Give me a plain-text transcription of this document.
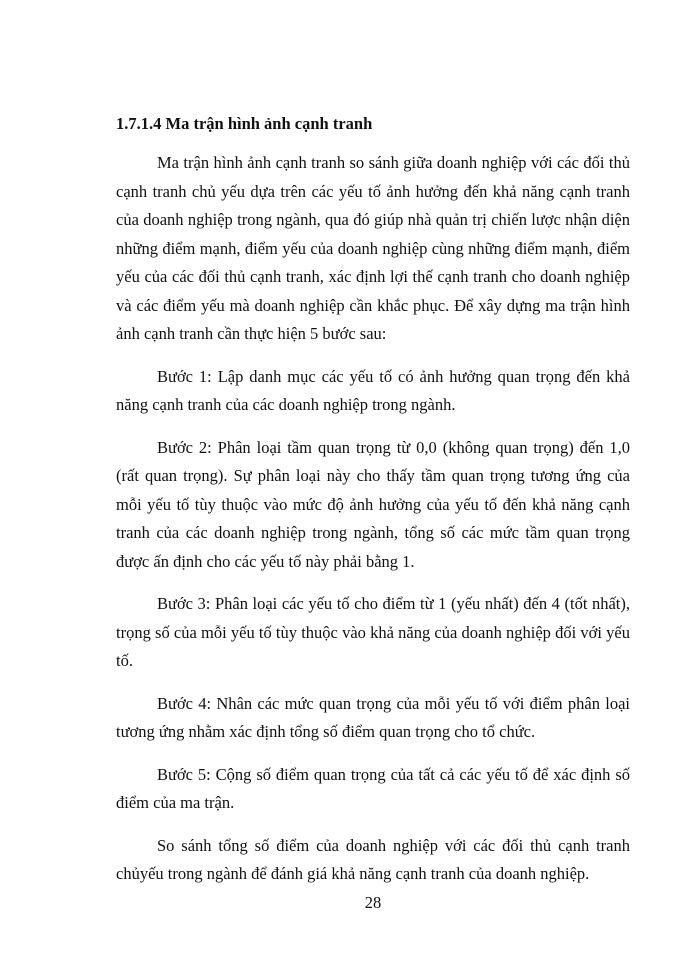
1.7.1.4 Ma trận hình ảnh cạnh tranh

Ma trận hình ảnh cạnh tranh so sánh giữa doanh nghiệp với các đối thủ cạnh tranh chủ yếu dựa trên các yếu tố ảnh hưởng đến khả năng cạnh tranh của doanh nghiệp trong ngành, qua đó giúp nhà quản trị chiến lược nhận diện những điểm mạnh, điểm yếu của doanh nghiệp cùng những điểm mạnh, điểm yếu của các đối thủ cạnh tranh, xác định lợi thế cạnh tranh cho doanh nghiệp và các điểm yếu mà doanh nghiệp cần khắc phục. Để xây dựng ma trận hình ảnh cạnh tranh cần thực hiện 5 bước sau:

Bước 1: Lập danh mục các yếu tố có ảnh hưởng quan trọng đến khả năng cạnh tranh của các doanh nghiệp trong ngành.

Bước 2: Phân loại tầm quan trọng từ 0,0 (không quan trọng) đến 1,0 (rất quan trọng). Sự phân loại này cho thấy tầm quan trọng tương ứng của mỗi yếu tố tùy thuộc vào mức độ ảnh hưởng của yếu tố đến khả năng cạnh tranh của các doanh nghiệp trong ngành, tổng số các mức tầm quan trọng được ấn định cho các yếu tố này phải bằng 1.

Bước 3: Phân loại các yếu tố cho điểm từ 1 (yếu nhất) đến 4 (tốt nhất), trọng số của mỗi yếu tố tùy thuộc vào khả năng của doanh nghiệp đối với yếu tố.

Bước 4: Nhân các mức quan trọng của mỗi yếu tố với điểm phân loại tương ứng nhằm xác định tổng số điểm quan trọng cho tổ chức.

Bước 5: Cộng số điểm quan trọng của tất cả các yếu tố để xác định số điểm của ma trận.

So sánh tổng số điểm của doanh nghiệp với các đối thủ cạnh tranh chủyếu trong ngành để đánh giá khả năng cạnh tranh của doanh nghiệp.

28
